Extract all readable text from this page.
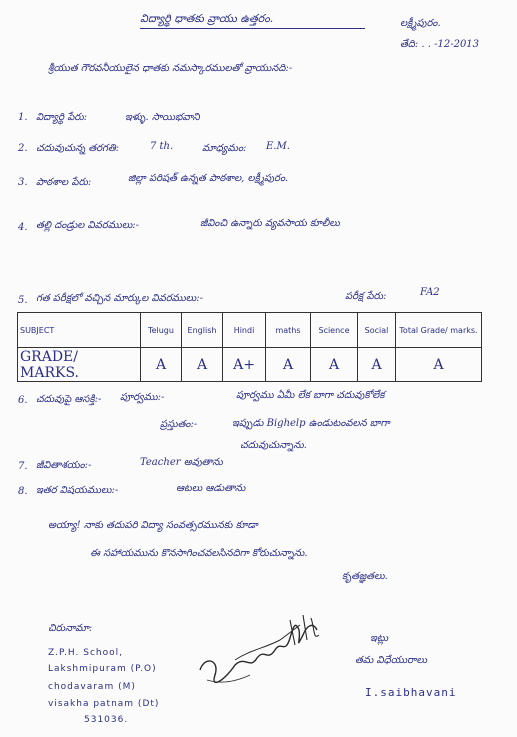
విద్యార్థి ధాతకు వ్రాయు ఉత్తరం.	లక్ష్మీపురం.
తేది: . . -12-2013
శ్రీయుత గౌరవనీయులైన ధాతకు నమస్కారములతో వ్రాయునది:-
1. విద్యార్థి పేరు:	ఇళ్ళు. సాయిభవాని
2. చదువుచున్న తరగతి:	7 th.	మాధ్యమం: E.M.
3. పాఠశాల పేరు:	జిల్లా పరిషత్ ఉన్నత పాఠశాల, లక్ష్మీపురం.
4. తల్లి దండ్రుల వివరములు:-	జీవించి ఉన్నారు వ్యవసాయ కూలీలు
5. గత పరీక్షలో వచ్చిన మార్కుల వివరములు:-	పరీక్ష పేరు:	FA2
SUBJECT	Telugu	English	Hindi	maths	Science	Social	Total Grade/ marks.
GRADE/ MARKS.	A	A	A+	A	A	A	A
6. చదువుపై ఆసక్తి:- పూర్వము:-	పూర్వము ఏమీ లేక బాగా చదువుకోలేక
ప్రస్తుతం:-	ఇప్పుడు Bighelp ఉండుటంవలన బాగా
చదువుచున్నాను.
7. జీవితాశయం:-	Teacher అవుతాను
8. ఇతర విషయములు:-	ఆటలు ఆడుతాను
అయ్యా! నాకు తదుపరి విద్యా సంవత్సరమునకు కూడా
ఈ సహాయమును కొనసాగించవలసినదిగా కోరుచున్నాను.
కృతజ్ఞతలు.
చిరునామా:
Z.P.H. School,
Lakshmipuram (P.O)
chodavaram (M)
visakha patnam (Dt)
531036.
ఇట్లు
తమ విధేయురాలు
I.saibhavani
